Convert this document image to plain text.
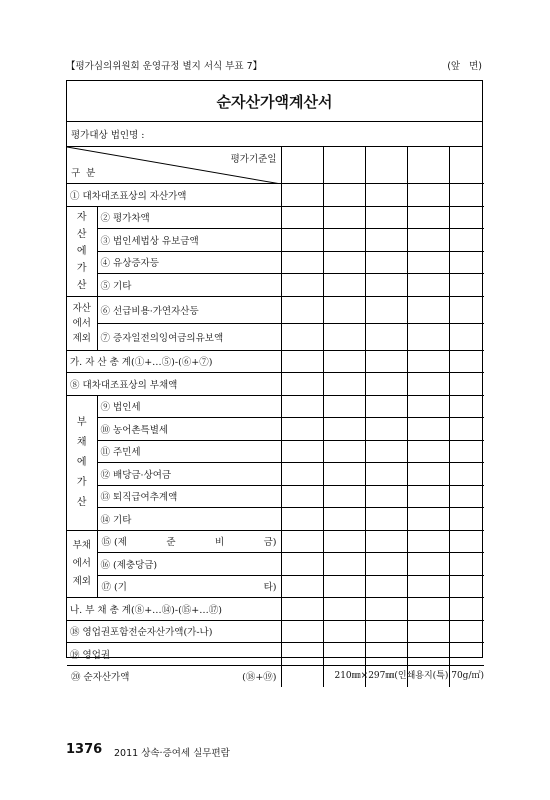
【평가심의위원회 운영규정 별지 서식 부표 7】	(앞 면)
순자산가액계산서
평가대상 법인명 :
평가기준일
구분						

① 대차대조표상의 자산가액						
자산에가산	② 평가차액					
	③ 법인세법상 유보금액					
	④ 유상증자등					
	⑤ 기타					
자산에서제외	⑥ 선급비용·가연자산등					
	⑦ 증자일전의잉여금의유보액					
가. 자 산 총 계(①+…⑤)-(⑥+⑦)						
⑧ 대차대조표상의 부채액						
부채에가산	⑨ 법인세					
	⑩ 농어촌특별세					
	⑪ 주민세					
	⑫ 배당금·상여금					
	⑬ 퇴직급여추계액					
	⑭ 기타					
부채에서제외	⑮ (제 준 비 금)					

	⑯ (제충당금)					

	⑰ (기 타)					

나. 부 채 총 계(⑧+…⑭)-(⑮+…⑰)						
⑱ 영업권포함전순자산가액(가-나)						
⑲ 영업권						

⑳ 순자산가액 (⑱+⑲)						
						210㎜×297㎜(인쇄용지(특) 70g/㎡)
1376 2011 상속·증여세 실무편람
